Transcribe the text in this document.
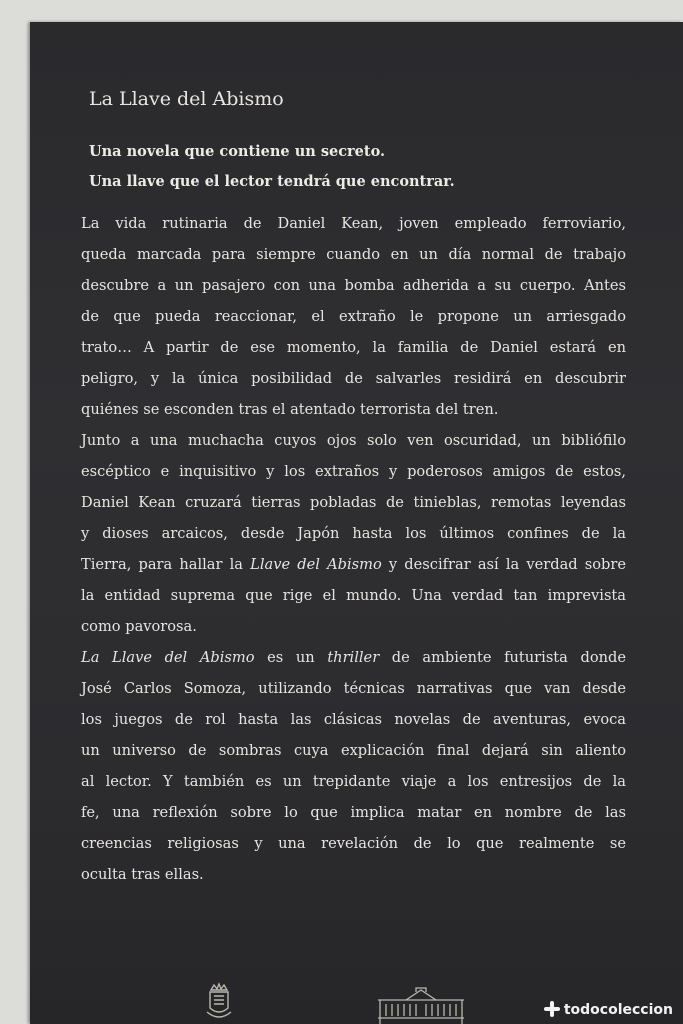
La Llave del Abismo

Una novela que contiene un secreto.

Una llave que el lector tendrá que encontrar.

La vida rutinaria de Daniel Kean, joven empleado ferroviario,

queda marcada para siempre cuando en un día normal de trabajo

descubre a un pasajero con una bomba adherida a su cuerpo. Antes

de que pueda reaccionar, el extraño le propone un arriesgado

trato… A partir de ese momento, la familia de Daniel estará en

peligro, y la única posibilidad de salvarles residirá en descubrir

quiénes se esconden tras el atentado terrorista del tren.

Junto a una muchacha cuyos ojos solo ven oscuridad, un bibliófilo

escéptico e inquisitivo y los extraños y poderosos amigos de estos,

Daniel Kean cruzará tierras pobladas de tinieblas, remotas leyendas

y dioses arcaicos, desde Japón hasta los últimos confines de la

Tierra, para hallar la Llave del Abismo y descifrar así la verdad sobre

la entidad suprema que rige el mundo. Una verdad tan imprevista

como pavorosa.

La Llave del Abismo es un thriller de ambiente futurista donde

José Carlos Somoza, utilizando técnicas narrativas que van desde

los juegos de rol hasta las clásicas novelas de aventuras, evoca

un universo de sombras cuya explicación final dejará sin aliento

al lector. Y también es un trepidante viaje a los entresijos de la

fe, una reflexión sobre lo que implica matar en nombre de las

creencias religiosas y una revelación de lo que realmente se

oculta tras ellas.

todocoleccion
